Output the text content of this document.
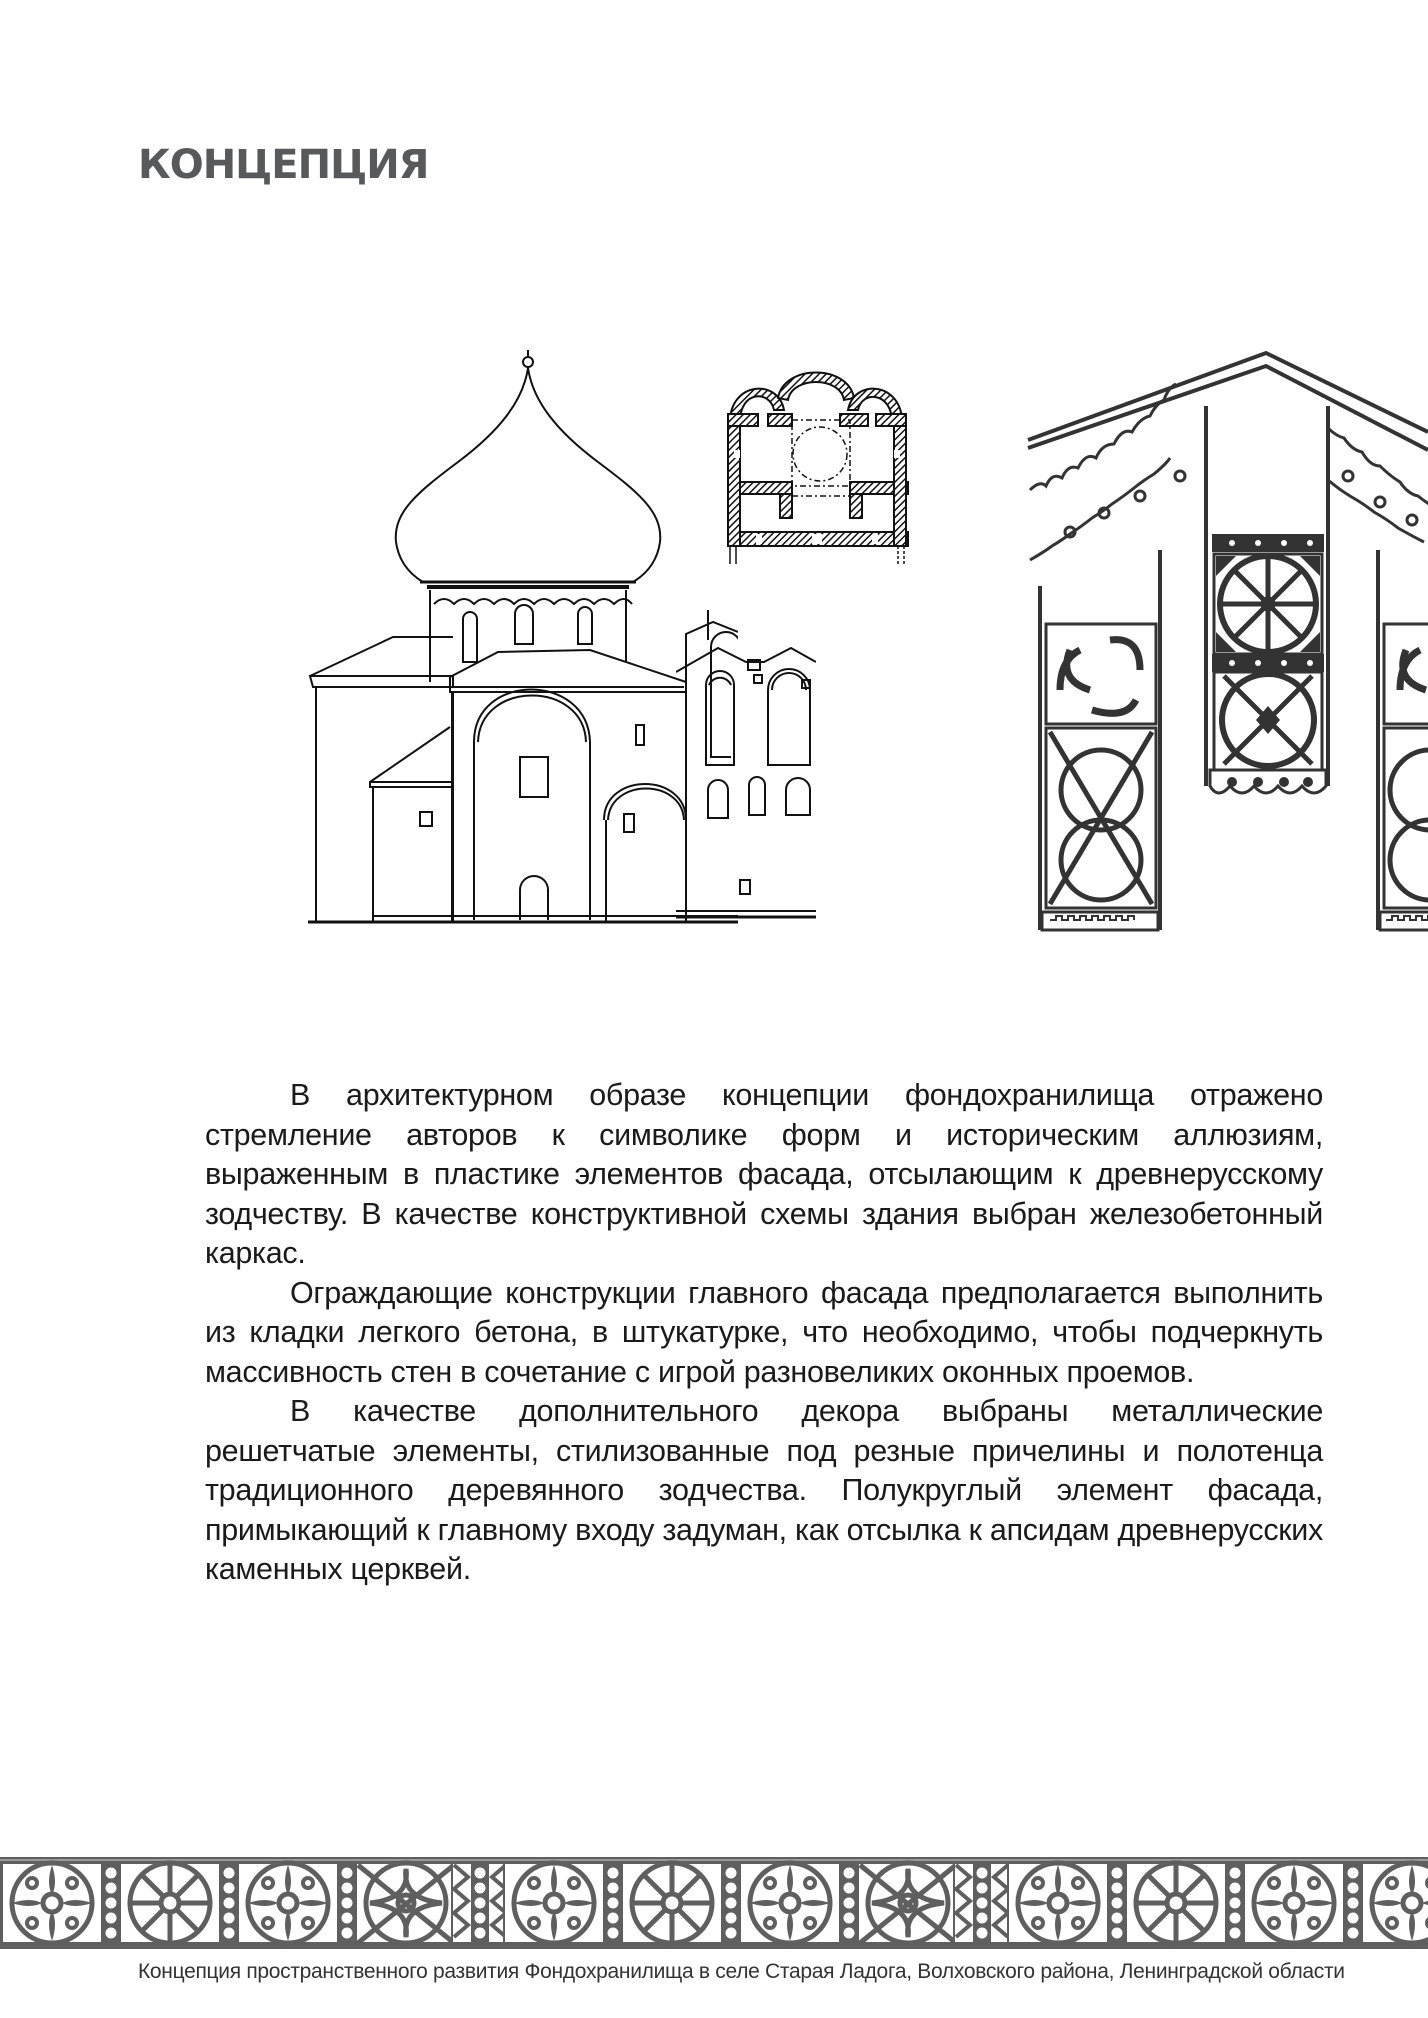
КОНЦЕПЦИЯ

В архитектурном образе концепции фондохранилища отражено стремление авторов к символике форм и историческим аллюзиям, выраженным в пластике элементов фасада, отсылающим к древнерусскому зодчеству. В качестве конструктивной схемы здания выбран железобетонный каркас.

Ограждающие конструкции главного фасада предполагается выполнить из кладки легкого бетона, в штукатурке, что необходимо, чтобы подчеркнуть массивность стен в сочетание с игрой разновеликих оконных проемов.

В качестве дополнительного декора выбраны металлические решетчатые элементы, стилизованные под резные причелины и полотенца традиционного деревянного зодчества. Полукруглый элемент фасада, примыкающий к главному входу задуман, как отсылка к апсидам древнерусских каменных церквей.

Концепция пространственного развития Фондохранилища в селе Старая Ладога, Волховского района, Ленинградской области
